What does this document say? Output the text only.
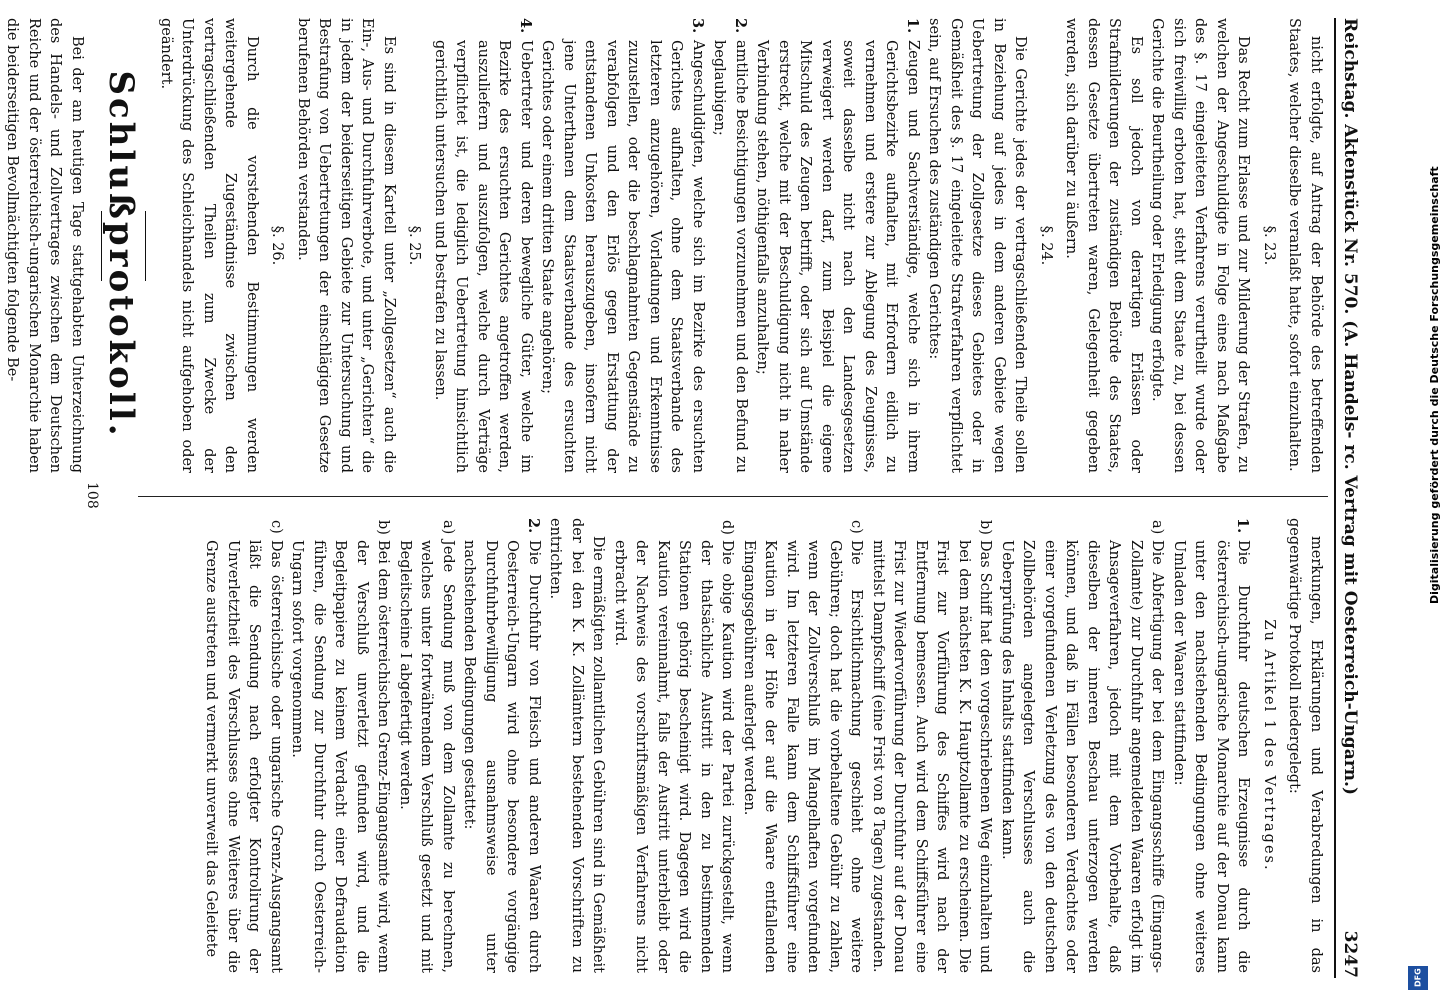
Reichstag. Aktenstück Nr. 570. (A. Handels- rc. Vertrag mit Oesterreich-Ungarn.)
3247

nicht erfolgte, auf Antrag der Behörde des betreffenden Staates, welcher dieselbe veranlaßt hatte, sofort einzuhalten.

§. 23.

Das Recht zum Erlasse und zur Milderung der Strafen, zu welchen der Angeschuldigte in Folge eines nach Maßgabe des §. 17 eingeleiteten Verfahrens verurtheilt wurde oder sich freiwillig erboten hat, steht dem Staate zu, bei dessen Gerichte die Beurtheilung oder Erledigung erfolgte.

Es soll jedoch von derartigen Erlässen oder Strafmilderungen der zuständigen Behörde des Staates, dessen Gesetze übertreten waren, Gelegenheit gegeben werden, sich darüber zu äußern.

§. 24.

Die Gerichte jedes der vertragschließenden Theile sollen in Beziehung auf jedes in dem anderen Gebiete wegen Uebertretung der Zollgesetze dieses Gebietes oder in Gemäßheit des §. 17 eingeleitete Strafverfahren verpflichtet sein, auf Ersuchen des zuständigen Gerichtes:

1.
Zeugen und Sachverständige, welche sich in ihrem Gerichtsbezirke aufhalten, mit Erfordern eidlich zu vernehmen und erstere zur Ablegung des Zeugnisses, soweit dasselbe nicht nach den Landesgesetzen verweigert werden darf, zum Beispiel die eigene Mitschuld des Zeugen betrifft, oder sich auf Umstände erstreckt, welche mit der Beschuldigung nicht in naher Verbindung stehen, nöthigenfalls anzuhalten;

2.
amtliche Besichtigungen vorzunehmen und den Befund zu beglaubigen;

3.
Angeschuldigten, welche sich im Bezirke des ersuchten Gerichtes aufhalten, ohne dem Staatsverbande des letzteren anzugehören, Vorladungen und Erkenntnisse zuzustellen, oder die beschlagnahmten Gegenstände zu verabfolgen und den Erlös gegen Erstattung der entstandenen Unkosten herauszugeben, insofern nicht jene Unterthanen dem Staatsverbande des ersuchten Gerichtes oder einem dritten Staate angehören;

4.
Uebertreter und deren bewegliche Güter, welche im Bezirke des ersuchten Gerichtes angetroffen werden, auszuliefern und auszufolgen, welche durch Verträge verpflichtet ist, die lediglich Uebertretung hinsichtlich gerichtlich untersuchen und bestrafen zu lassen.

§. 25.

Es sind in diesem Kartell unter „Zollgesetzen“ auch die Ein-, Aus- und Durchfuhrverbote, und unter „Gerichten“ die in jedem der beiderseitigen Gebiete zur Untersuchung und Bestrafung von Uebertretungen der einschlägigen Gesetze berufenen Behörden verstanden.

§. 26.

Durch die vorstehenden Bestimmungen werden weitergehende Zugeständnisse zwischen den vertragschließenden Theilen zum Zwecke der Unterdrückung des Schleichhandels nicht aufgehoben oder geändert.

Schlußprotokoll.

Bei der am heutigen Tage stattgehabten Unterzeichnung des Handels- und Zollvertrages zwischen dem Deutschen Reiche und der österreichisch-ungarischen Monarchie haben die beiderseitigen Bevollmächtigten folgende Be-

merkungen, Erklärungen und Verabredungen in das gegenwärtige Protokoll niedergelegt:

Zu Artikel 1 des Vertrages.

1.
Die Durchfuhr deutschen Erzeugnisse durch die österreichisch-ungarische Monarchie auf der Donau kann unter den nachstehenden Bedingungen ohne weiteres Umladen der Waaren stattfinden:

a)
Die Abfertigung der bei dem Eingangsschiffe (Eingangs-Zollamte) zur Durchfuhr angemeldeten Waaren erfolgt im Ansageverfahren, jedoch mit dem Vorbehalte, daß dieselben der inneren Beschau unterzogen werden können, und daß in Fällen besonderen Verdachtes oder einer vorgefundenen Verletzung des von den deutschen Zollbehörden angelegten Verschlusses auch die Ueberprüfung des Inhalts stattfinden kann.

b)
Das Schiff hat den vorgeschriebenen Weg einzuhalten und bei dem nächsten K. K. Hauptzollamte zu erscheinen. Die Frist zur Vorführung des Schiffes wird nach der Entfernung bemessen. Auch wird dem Schiffsführer eine Frist zur Wiedervorführung der Durchfuhr auf der Donau mittelst Dampfschiff (eine Frist von 8 Tagen) zugestanden.

c)
Die Ersichtlichmachung geschieht ohne weitere Gebühren; doch hat die vorbehaltene Gebühr zu zahlen, wenn der Zollverschluß im Mangelhaften vorgefunden wird. Im letzteren Falle kann dem Schiffsführer eine Kaution in der Höhe der auf die Waare entfallenden Eingangsgebühren auferlegt werden.

d)
Die obige Kaution wird der Partei zurückgestellt, wenn der thatsächliche Austritt in den zu bestimmenden Stationen gehörig bescheinigt wird. Dagegen wird die Kaution vereinnahmt, falls der Austritt unterbleibt oder der Nachweis des vorschriftsmäßigen Verfahrens nicht erbracht wird.

Die ermäßigten zollamtlichen Gebühren sind in Gemäßheit der bei den K. K. Zollämtern bestehenden Vorschriften zu entrichten.

2.
Die Durchfuhr von Fleisch und anderen Waaren durch Oesterreich-Ungarn wird ohne besondere vorgängige Durchfuhrbewilligung ausnahmsweise unter nachstehenden Bedingungen gestattet:

a)
Jede Sendung muß von dem Zollamte zu berechnen, welches unter fortwährendem Verschluß gesetzt und mit Begleitscheine I abgefertigt werden.

b)
Bei dem österreichischen Grenz-Eingangsamte wird, wenn der Verschluß unverletzt gefunden wird, und die Begleitpapiere zu keinem Verdacht einer Defraudation führen, die Sendung zur Durchfuhr durch Oesterreich-Ungarn sofort vorgenommen.

c)
Das österreichische oder ungarische Grenz-Ausgangsamt läßt die Sendung nach erfolgter Kontrolirung der Unverletztheit des Verschlusses ohne Weiteres über die Grenze austreten und vermerkt unverweilt das Geleitete

108	Digitalisierung gefördert durch die Deutsche Forschungsgemeinschaft
DFG
